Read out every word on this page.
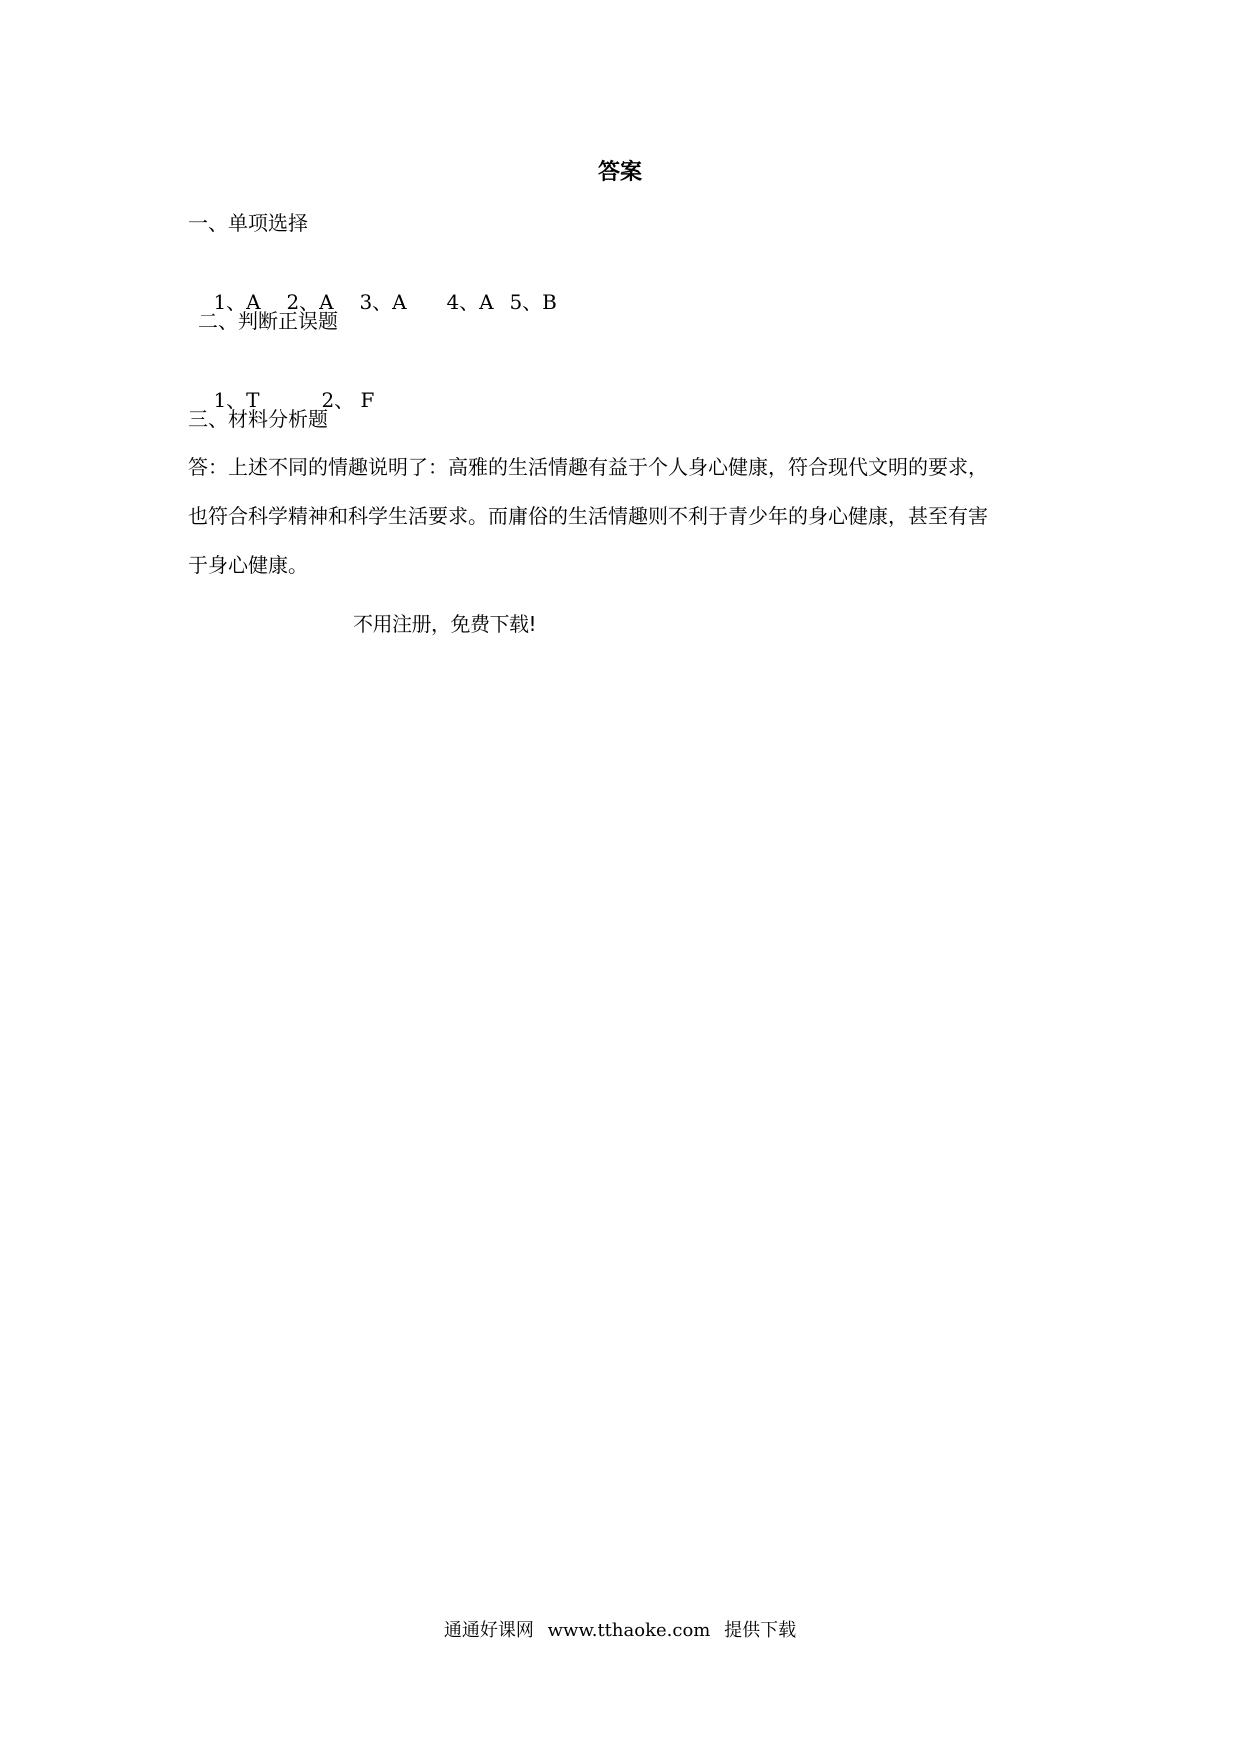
答案
一、单项选择

1、A 2、A 3、A 4、A 5、B

二、判断正误题

1、T	2、 F

三、材料分析题
答：上述不同的情趣说明了：高雅的生活情趣有益于个人身心健康，符合现代文明的要求，
也符合科学精神和科学生活要求。而庸俗的生活情趣则不利于青少年的身心健康，甚至有害
于身心健康。
不用注册，免费下载!
通通好课网 www.tthaoke.com 提供下载
